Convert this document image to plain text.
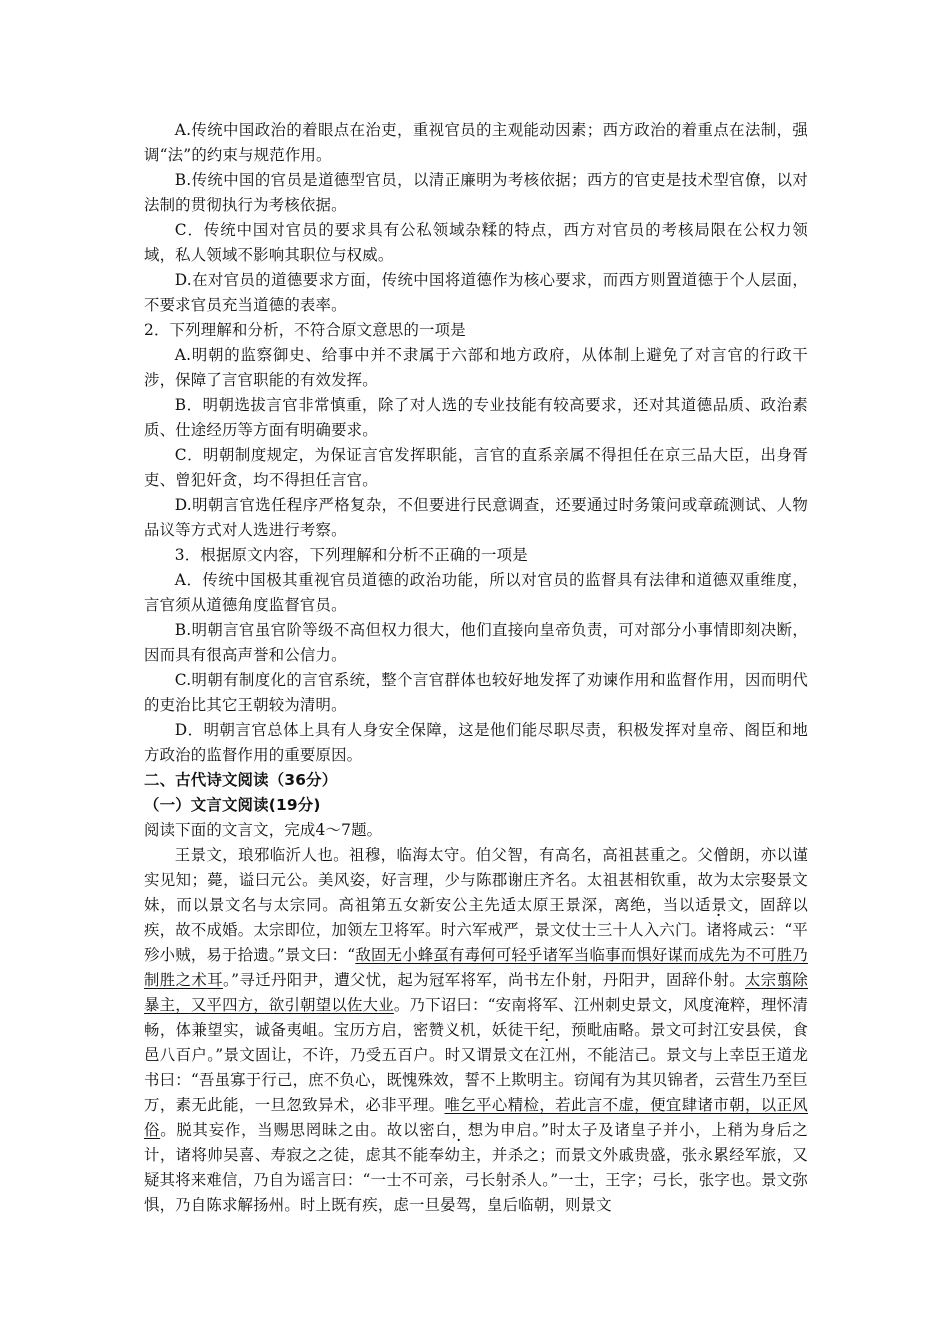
A.传统中国政治的着眼点在治吏，重视官员的主观能动因素；西方政治的着重点在法制，强调“法”的约束与规范作用。

B.传统中国的官员是道德型官员，以清正廉明为考核依据；西方的官吏是技术型官僚，以对法制的贯彻执行为考核依据。

C．传统中国对官员的要求具有公私领域杂糅的特点，西方对官员的考核局限在公权力领域，私人领域不影响其职位与权威。

D.在对官员的道德要求方面，传统中国将道德作为核心要求，而西方则置道德于个人层面，不要求官员充当道德的表率。

2．下列理解和分析，不符合原文意思的一项是

A.明朝的监察御史、给事中并不隶属于六部和地方政府，从体制上避免了对言官的行政干涉，保障了言官职能的有效发挥。

B．明朝选拔言官非常慎重，除了对人选的专业技能有较高要求，还对其道德品质、政治素质、仕途经历等方面有明确要求。

C．明朝制度规定，为保证言官发挥职能，言官的直系亲属不得担任在京三品大臣，出身胥吏、曾犯奸贪，均不得担任言官。

D.明朝言官选任程序严格复杂，不但要进行民意调查，还要通过时务策问或章疏测试、人物品议等方式对人选进行考察。

3．根据原文内容，下列理解和分析不正确的一项是

A．传统中国极其重视官员道德的政治功能，所以对官员的监督具有法律和道德双重维度，言官须从道德角度监督官员。

B.明朝言官虽官阶等级不高但权力很大，他们直接向皇帝负责，可对部分小事情即刻决断，因而具有很高声誉和公信力。

C.明朝有制度化的言官系统，整个言官群体也较好地发挥了劝谏作用和监督作用，因而明代的吏治比其它王朝较为清明。

D．明朝言官总体上具有人身安全保障，这是他们能尽职尽责，积极发挥对皇帝、阁臣和地方政治的监督作用的重要原因。

二、古代诗文阅读（36分）

（一）文言文阅读(19分)

阅读下面的文言文，完成4～7题。

王景文，琅邪临沂人也。祖穆，临海太守。伯父智，有高名，高祖甚重之。父僧朗，亦以谨实见知；薨，谥曰元公。美风姿，好言理，少与陈郡谢庄齐名。太祖甚相钦重，故为太宗娶景文妹，而以景文名与太宗同。高祖第五女新安公主先适太原王景深，离绝，当以适景文，固辞以疾，故不成婚。太宗即位，加领左卫将军。时六军戒严，景文仗士三十人入六门。诸将咸云：“平殄小贼，易于拾遗。”景文曰：“敌固无小蜂虿有毒何可轻乎诸军当临事而惧好谋而成先为不可胜乃制胜之术耳。”寻迁丹阳尹，遭父忧，起为冠军将军，尚书左仆射，丹阳尹，固辞仆射。太宗翦除暴主，又平四方，欲引朝望以佐大业。乃下诏曰：“安南将军、江州刺史景文，风度淹粹，理怀清畅，体兼望实，诚备夷岨。宝历方启，密赞义机，妖徒干纪，预毗庙略。景文可封江安县侯，食邑八百户。”景文固让，不许，乃受五百户。时又谓景文在江州，不能洁己。景文与上幸臣王道龙书曰：“吾虽寡于行己，庶不负心，既愧殊效，誓不上欺明主。窃闻有为其贝锦者，云营生乃至巨万，素无此能，一旦忽致异术，必非平理。唯乞平心精检，若此言不虚，便宜肆诸市朝，以正风俗。脱其妄作，当赐思罔昧之由。故以密白，想为申启。”时太子及诸皇子并小，上稍为身后之计，诸将帅吴喜、寿寂之之徒，虑其不能奉幼主，并杀之；而景文外戚贵盛，张永累经军旅，又疑其将来难信，乃自为谣言曰：“一士不可亲，弓长射杀人。”一士，王字；弓长，张字也。景文弥惧，乃自陈求解扬州。时上既有疾，虑一旦晏驾，皇后临朝，则景文
